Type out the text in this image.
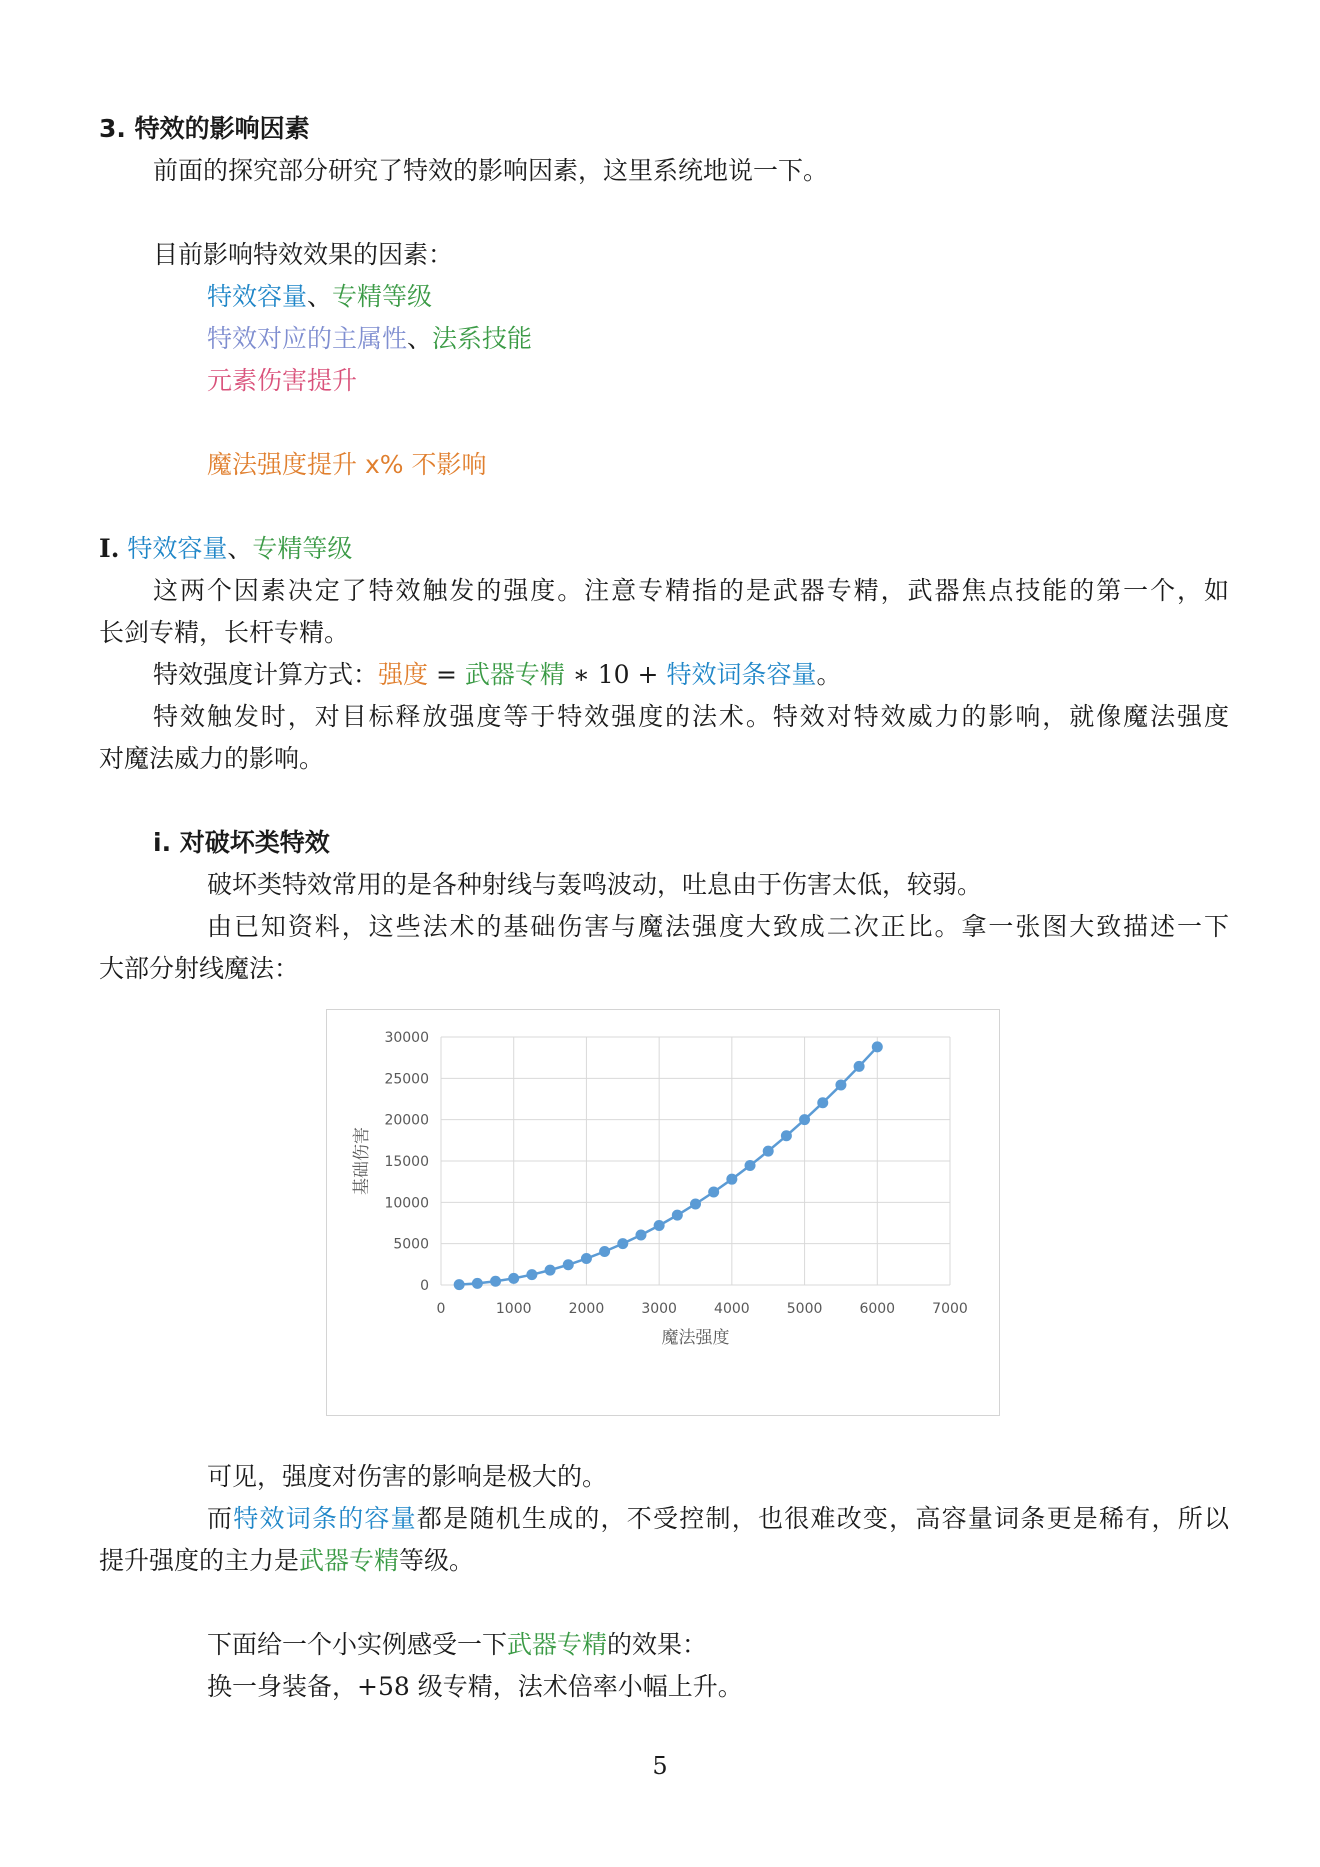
3. 特效的影响因素
前面的探究部分研究了特效的影响因素，这里系统地说一下。
目前影响特效效果的因素：
特效容量、专精等级
特效对应的主属性、法系技能
元素伤害提升
魔法强度提升 x% 不影响
I. 特效容量、专精等级
这两个因素决定了特效触发的强度。注意专精指的是武器专精，武器焦点技能的第一个，如
长剑专精，长杆专精。
特效强度计算方式：强度 = 武器专精 ∗ 10 + 特效词条容量。
特效触发时，对目标释放强度等于特效强度的法术。特效对特效威力的影响，就像魔法强度
对魔法威力的影响。
i. 对破坏类特效
破坏类特效常用的是各种射线与轰鸣波动，吐息由于伤害太低，较弱。
由已知资料，这些法术的基础伤害与魔法强度大致成二次正比。拿一张图大致描述一下
大部分射线魔法：
0
5000
10000
15000
20000
25000
30000
0	1000	2000	3000	4000	5000	6000	7000
魔法强度
基础伤害
可见，强度对伤害的影响是极大的。
而特效词条的容量都是随机生成的，不受控制，也很难改变，高容量词条更是稀有，所以
提升强度的主力是武器专精等级。
下面给一个小实例感受一下武器专精的效果：
换一身装备，+58 级专精，法术倍率小幅上升。
5
